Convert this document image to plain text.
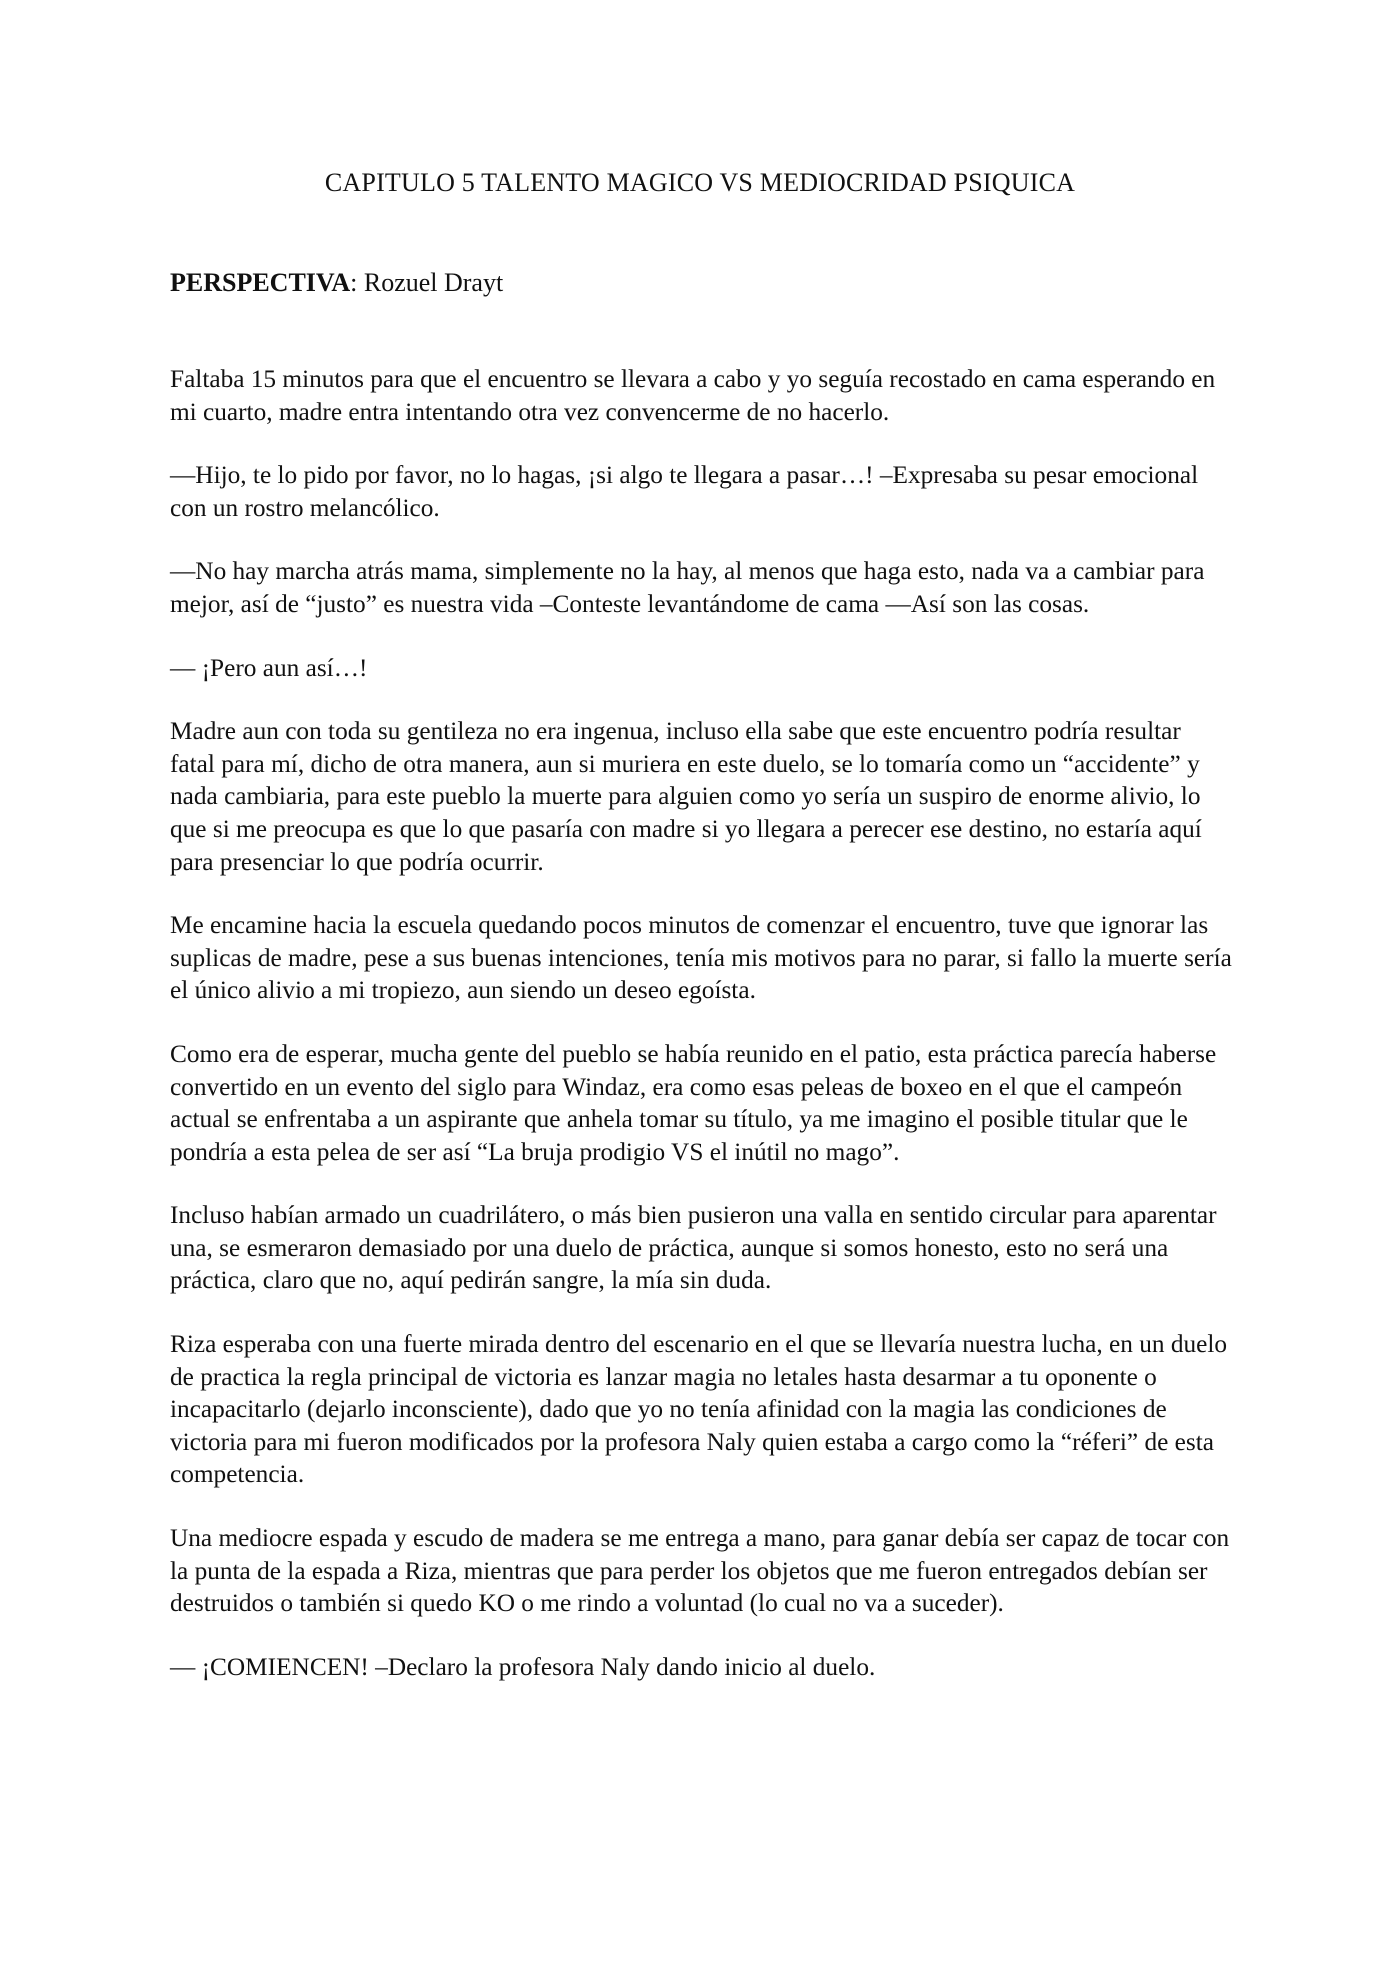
CAPITULO 5 TALENTO MAGICO VS MEDIOCRIDAD PSIQUICA

PERSPECTIVA: Rozuel Drayt

Faltaba 15 minutos para que el encuentro se llevara a cabo y yo seguía recostado en cama esperando en mi cuarto, madre entra intentando otra vez convencerme de no hacerlo.

—Hijo, te lo pido por favor, no lo hagas, ¡si algo te llegara a pasar…! –Expresaba su pesar emocional con un rostro melancólico.

—No hay marcha atrás mama, simplemente no la hay, al menos que haga esto, nada va a cambiar para mejor, así de “justo” es nuestra vida –Conteste levantándome de cama —Así son las cosas.

— ¡Pero aun así…!

Madre aun con toda su gentileza no era ingenua, incluso ella sabe que este encuentro podría resultar fatal para mí, dicho de otra manera, aun si muriera en este duelo, se lo tomaría como un “accidente” y nada cambiaria, para este pueblo la muerte para alguien como yo sería un suspiro de enorme alivio, lo que si me preocupa es que lo que pasaría con madre si yo llegara a perecer ese destino, no estaría aquí para presenciar lo que podría ocurrir.

Me encamine hacia la escuela quedando pocos minutos de comenzar el encuentro, tuve que ignorar las suplicas de madre, pese a sus buenas intenciones, tenía mis motivos para no parar, si fallo la muerte sería el único alivio a mi tropiezo, aun siendo un deseo egoísta.

Como era de esperar, mucha gente del pueblo se había reunido en el patio, esta práctica parecía haberse convertido en un evento del siglo para Windaz, era como esas peleas de boxeo en el que el campeón actual se enfrentaba a un aspirante que anhela tomar su título, ya me imagino el posible titular que le pondría a esta pelea de ser así “La bruja prodigio VS el inútil no mago”.

Incluso habían armado un cuadrilátero, o más bien pusieron una valla en sentido circular para aparentar una, se esmeraron demasiado por una duelo de práctica, aunque si somos honesto, esto no será una práctica, claro que no, aquí pedirán sangre, la mía sin duda.

Riza esperaba con una fuerte mirada dentro del escenario en el que se llevaría nuestra lucha, en un duelo de practica la regla principal de victoria es lanzar magia no letales hasta desarmar a tu oponente o incapacitarlo (dejarlo inconsciente), dado que yo no tenía afinidad con la magia las condiciones de victoria para mi fueron modificados por la profesora Naly quien estaba a cargo como la “réferi” de esta competencia.

Una mediocre espada y escudo de madera se me entrega a mano, para ganar debía ser capaz de tocar con la punta de la espada a Riza, mientras que para perder los objetos que me fueron entregados debían ser destruidos o también si quedo KO o me rindo a voluntad (lo cual no va a suceder).

— ¡COMIENCEN! –Declaro la profesora Naly dando inicio al duelo.
